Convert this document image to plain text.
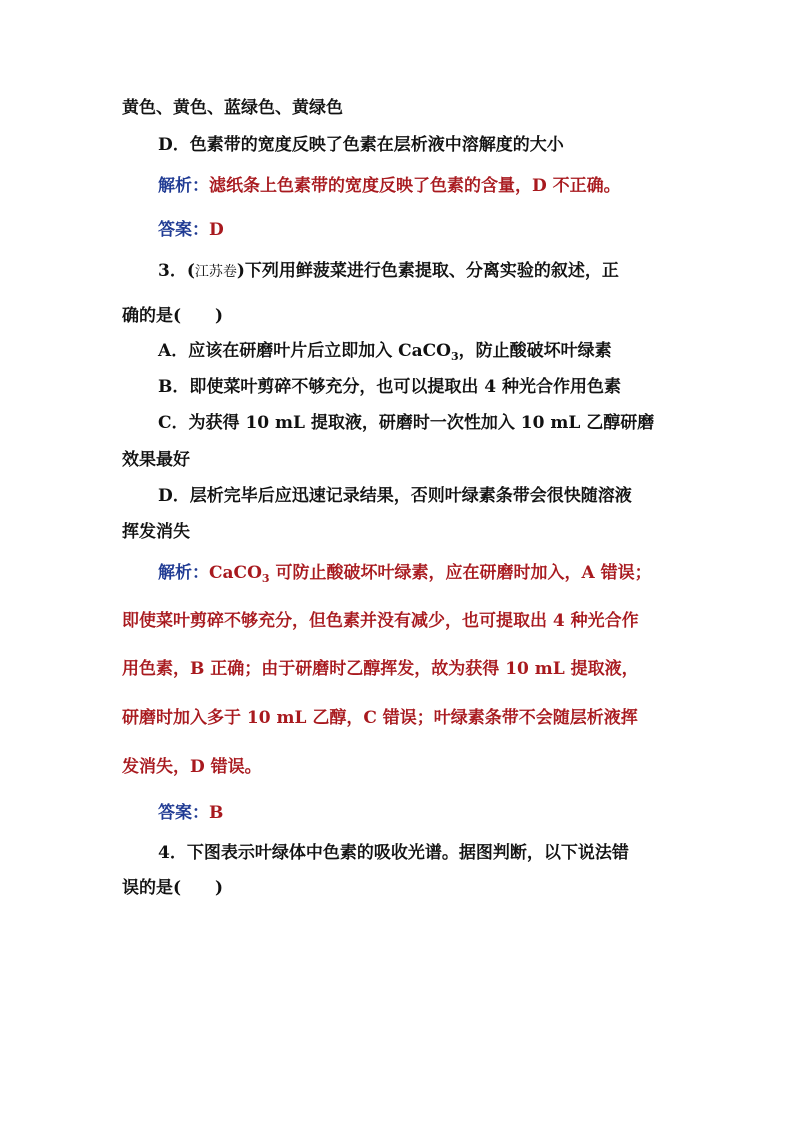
黄色、黄色、蓝绿色、黄绿色
D．色素带的宽度反映了色素在层析液中溶解度的大小
解析：滤纸条上色素带的宽度反映了色素的含量，D 不正确。
答案：D
3．(江苏卷)下列用鲜菠菜进行色素提取、分离实验的叙述，正
确的是( )
A．应该在研磨叶片后立即加入 CaCO$_3$，防止酸破坏叶绿素
B．即使菜叶剪碎不够充分，也可以提取出 4 种光合作用色素
C．为获得 10 mL 提取液，研磨时一次性加入 10 mL 乙醇研磨
效果最好
D．层析完毕后应迅速记录结果，否则叶绿素条带会很快随溶液
挥发消失
解析：CaCO$_3$ 可防止酸破坏叶绿素，应在研磨时加入，A 错误；
即使菜叶剪碎不够充分，但色素并没有减少，也可提取出 4 种光合作
用色素，B 正确；由于研磨时乙醇挥发，故为获得 10 mL 提取液，
研磨时加入多于 10 mL 乙醇，C 错误；叶绿素条带不会随层析液挥
发消失，D 错误。
答案：B
4．下图表示叶绿体中色素的吸收光谱。据图判断，以下说法错
误的是( )
